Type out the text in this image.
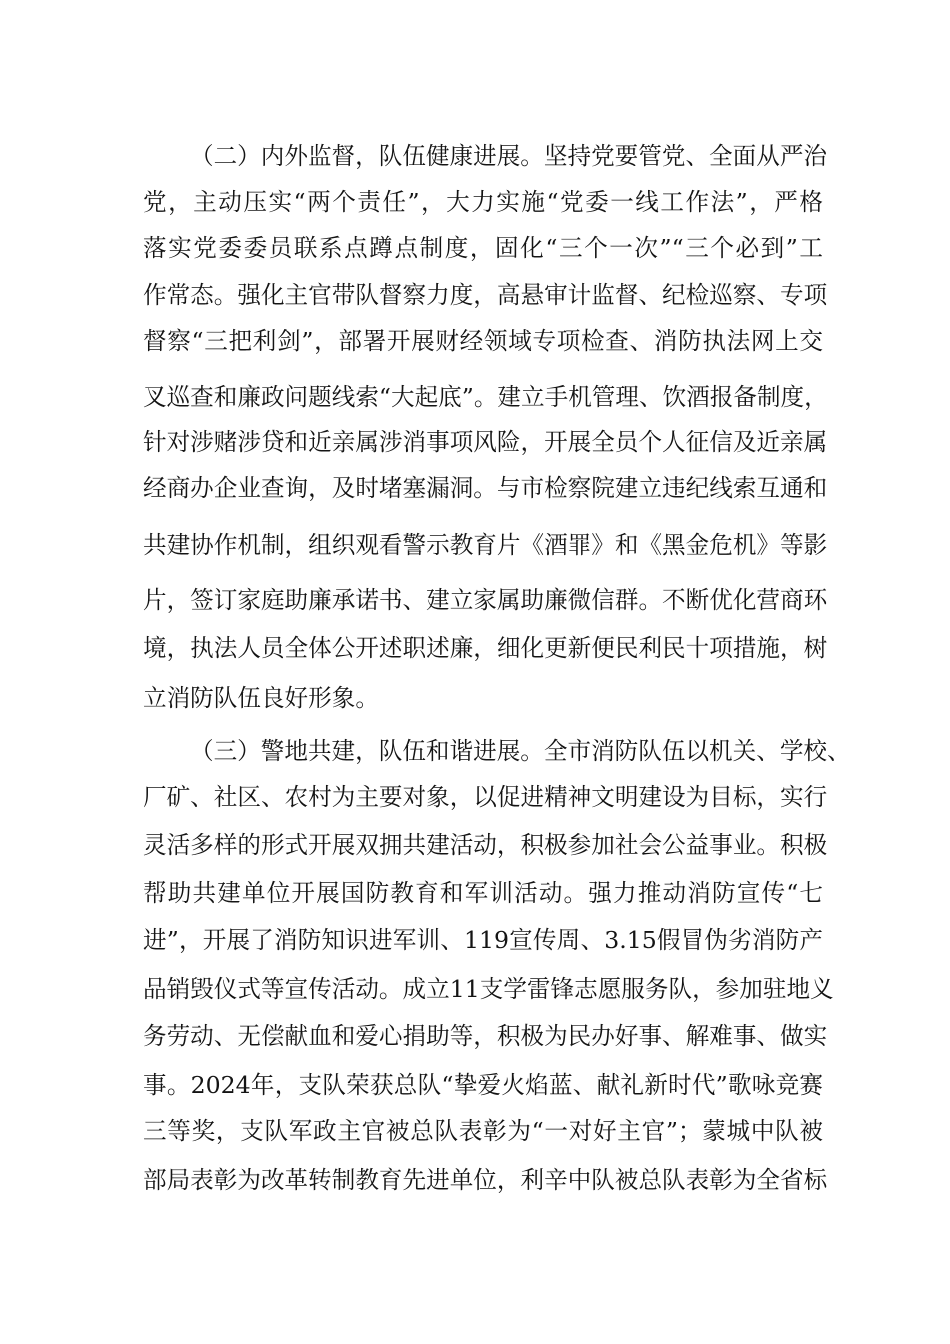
（二）内外监督，队伍健康进展。坚持党要管党、全面从严治
党，主动压实“两个责任”，大力实施“党委一线工作法”，严格
落实党委委员联系点蹲点制度，固化“三个一次”“三个必到”工
作常态。强化主官带队督察力度，高悬审计监督、纪检巡察、专项
督察“三把利剑”，部署开展财经领域专项检查、消防执法网上交
叉巡查和廉政问题线索“大起底”。建立手机管理、饮酒报备制度，
针对涉赌涉贷和近亲属涉消事项风险，开展全员个人征信及近亲属
经商办企业查询，及时堵塞漏洞。与市检察院建立违纪线索互通和
共建协作机制，组织观看警示教育片《酒罪》和《黑金危机》等影
片，签订家庭助廉承诺书、建立家属助廉微信群。不断优化营商环
境，执法人员全体公开述职述廉，细化更新便民利民十项措施，树
立消防队伍良好形象。
（三）警地共建，队伍和谐进展。全市消防队伍以机关、学校、
厂矿、社区、农村为主要对象，以促进精神文明建设为目标，实行
灵活多样的形式开展双拥共建活动，积极参加社会公益事业。积极
帮助共建单位开展国防教育和军训活动。强力推动消防宣传“七
进”，开展了消防知识进军训、119宣传周、3.15假冒伪劣消防产
品销毁仪式等宣传活动。成立11支学雷锋志愿服务队，参加驻地义
务劳动、无偿献血和爱心捐助等，积极为民办好事、解难事、做实
事。2024年，支队荣获总队“挚爱火焰蓝、献礼新时代”歌咏竞赛
三等奖，支队军政主官被总队表彰为“一对好主官”；蒙城中队被
部局表彰为改革转制教育先进单位，利辛中队被总队表彰为全省标
